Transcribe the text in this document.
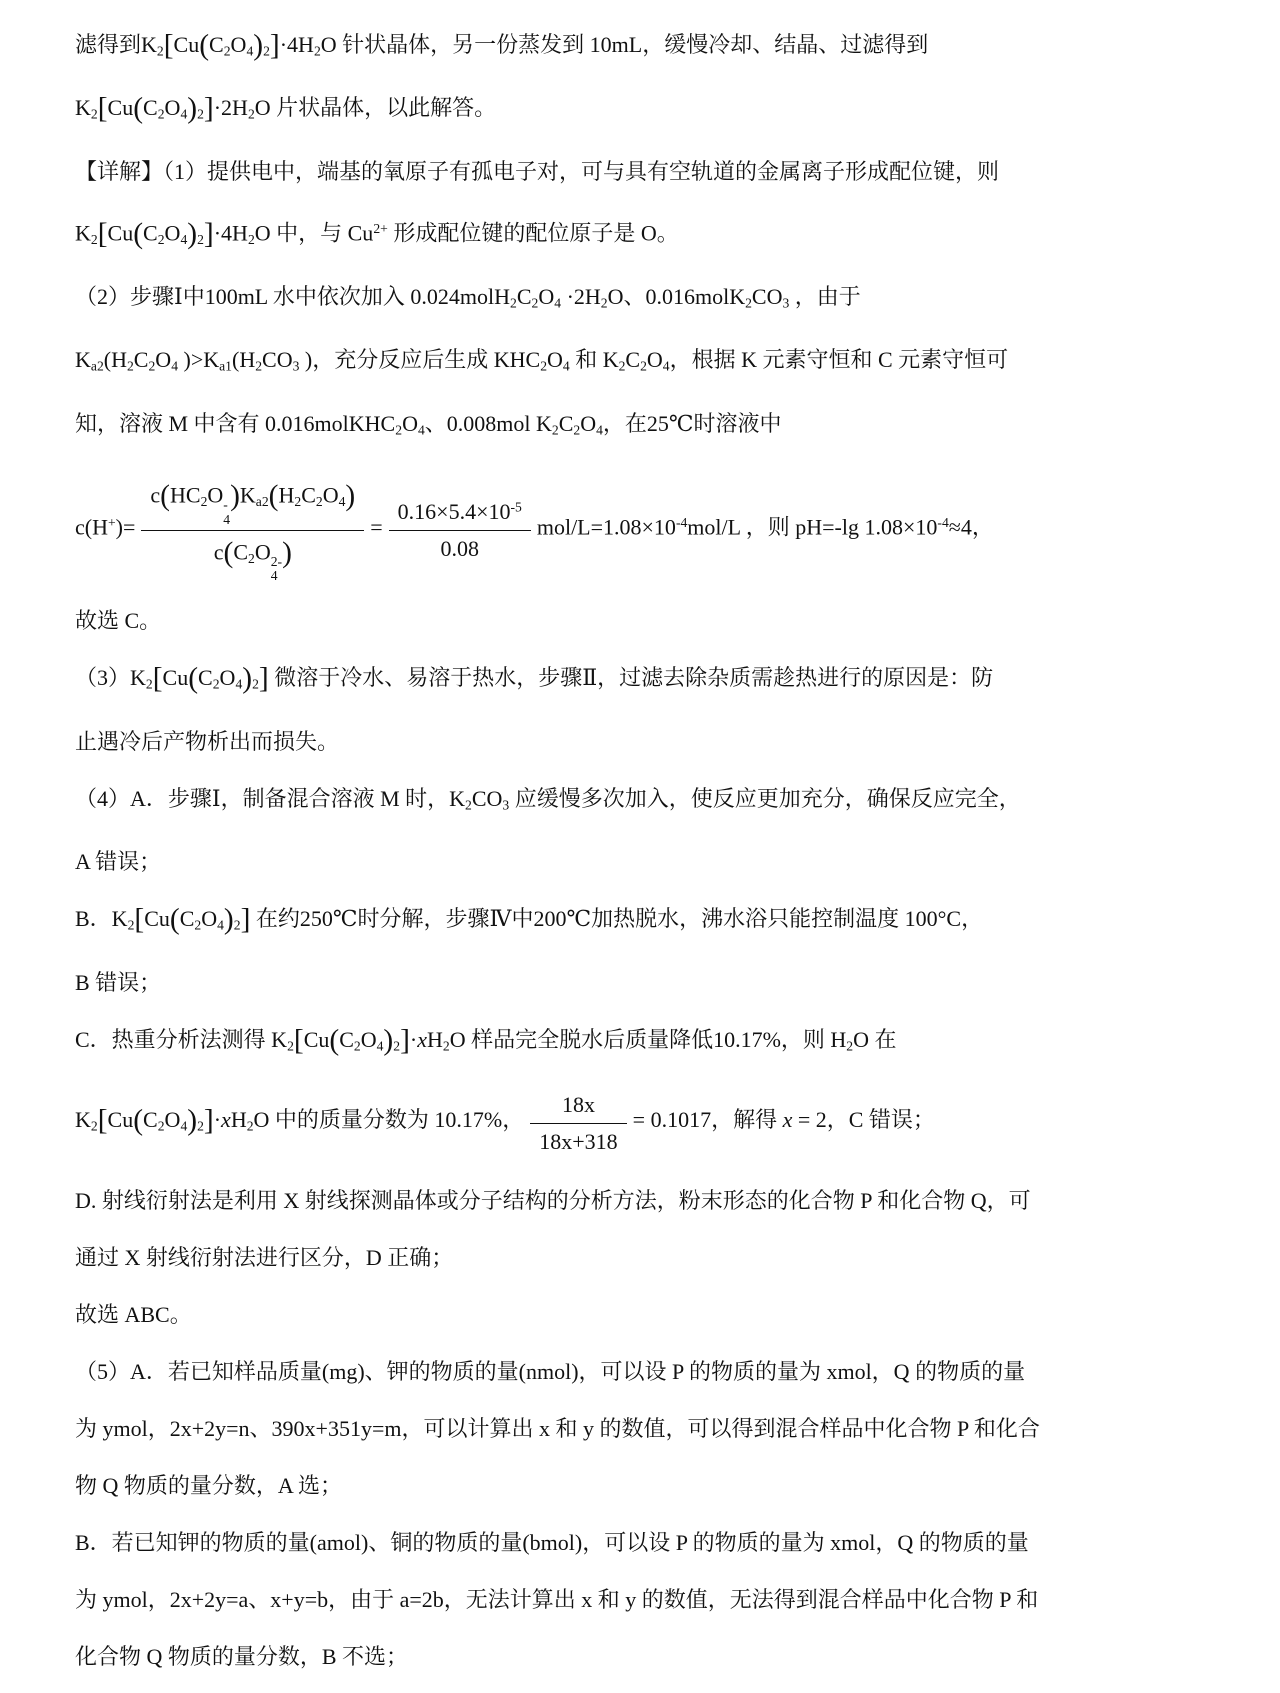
滤得到K2[Cu(C2O4)2]·4H2O 针状晶体，另一份蒸发到 10mL，缓慢冷却、结晶、过滤得到
K2[Cu(C2O4)2]·2H2O 片状晶体，以此解答。
【详解】（1）提供电中，端基的氧原子有孤电子对，可与具有空轨道的金属离子形成配位键，则
K2[Cu(C2O4)2]·4H2O 中，与 $Cu^{2+}$ 形成配位键的配位原子是 O。
（2）步骤Ⅰ中100mL 水中依次加入 0.024molH2C2O4 ·2H2O、0.016molK2CO3 ，由于
Ka2(H2C2O4 )>Ka1(H2CO3 )，充分反应后生成 KHC2O4 和 K2C2O4，根据 K 元素守恒和 C 元素守恒可
知，溶液 M 中含有 0.016molKHC2O4、0.008mol K2C2O4，在25℃时溶液中
c(H+)= c(HC2O -
4
)Ka2(H2C2O4)
c(C2O 2-
4
) = $\frac{0.16\times 5.4\times 10^{-5}}{0.08} mol/L=1.08\times 10^{-4}mol/L$ ，则 pH=-lg $1.08\times 10^{-4}\approx 4$，
故选 C。
（3）K2[Cu(C2O4)2] 微溶于冷水、易溶于热水，步骤Ⅱ，过滤去除杂质需趁热进行的原因是：防
止遇冷后产物析出而损失。
（4）A．步骤Ⅰ，制备混合溶液 M 时，K2CO3 应缓慢多次加入，使反应更加充分，确保反应完全，
A 错误；
B．K2[Cu(C2O4)2] 在约250℃时分解，步骤Ⅳ中200℃加热脱水，沸水浴只能控制温度 100°C，
B 错误；
C．热重分析法测得 K2[Cu(C2O4)2]·xH2O 样品完全脱水后质量降低10.17%，则 H2O 在
K2[Cu(C2O4)2]·xH2O 中的质量分数为 10.17%， $\frac{18x}{18x+318} = 0.1017$，解得 x = 2，C 错误；
D. 射线衍射法是利用 X 射线探测晶体或分子结构的分析方法，粉末形态的化合物 P 和化合物 Q，可
通过 X 射线衍射法进行区分，D 正确；
故选 ABC。
（5）A．若已知样品质量(mg)、钾的物质的量(nmol)，可以设 P 的物质的量为 xmol，Q 的物质的量
为 ymol，2x+2y=n、390x+351y=m，可以计算出 x 和 y 的数值，可以得到混合样品中化合物 P 和化合
物 Q 物质的量分数，A 选；
B．若已知钾的物质的量(amol)、铜的物质的量(bmol)，可以设 P 的物质的量为 xmol，Q 的物质的量
为 ymol，2x+2y=a、x+y=b，由于 a=2b，无法计算出 x 和 y 的数值，无法得到混合样品中化合物 P 和
化合物 Q 物质的量分数，B 不选；
